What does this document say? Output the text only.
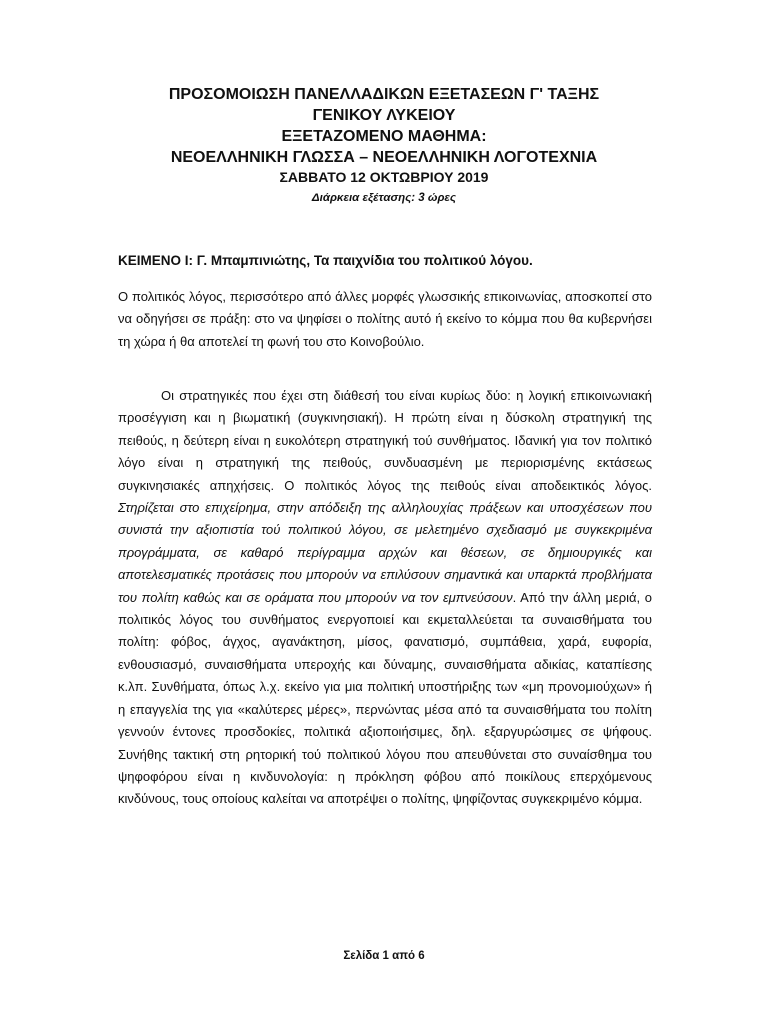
ΠΡΟΣΟΜΟΙΩΣΗ ΠΑΝΕΛΛΑΔΙΚΩΝ ΕΞΕΤΑΣΕΩΝ Γ' ΤΑΞΗΣ

ΓΕΝΙΚΟΥ ΛΥΚΕΙΟΥ

ΕΞΕΤΑΖΟΜΕΝΟ ΜΑΘΗΜΑ:

ΝΕΟΕΛΛΗΝΙΚΗ ΓΛΩΣΣΑ – ΝΕΟΕΛΛΗΝΙΚΗ ΛΟΓΟΤΕΧΝΙΑ

ΣΑΒΒΑΤΟ 12 ΟΚΤΩΒΡΙΟΥ 2019

Διάρκεια εξέτασης: 3 ώρες

ΚΕΙΜΕΝΟ Ι: Γ. Μπαμπινιώτης, Τα παιχνίδια του πολιτικού λόγου.

Ο πολιτικός λόγος, περισσότερο από άλλες μορφές γλωσσικής επικοινωνίας, αποσκοπεί στο να οδηγήσει σε πράξη: στο να ψηφίσει ο πολίτης αυτό ή εκείνο το κόμμα που θα κυβερνήσει τη χώρα ή θα αποτελεί τη φωνή του στο Κοινοβούλιο.

Οι στρατηγικές που έχει στη διάθεσή του είναι κυρίως δύο: η λογική επικοινωνιακή προσέγγιση και η βιωματική (συγκινησιακή). Η πρώτη είναι η δύσκολη στρατηγική της πειθούς, η δεύτερη είναι η ευκολότερη στρατηγική τού συνθήματος. Ιδανική για τον πολιτικό λόγο είναι η στρατηγική της πειθούς, συνδυασμένη με περιορισμένης εκτάσεως συγκινησιακές απηχήσεις. Ο πολιτικός λόγος της πειθούς είναι αποδεικτικός λόγος. Στηρίζεται στο επιχείρημα, στην απόδειξη της αλληλουχίας πράξεων και υποσχέσεων που συνιστά την αξιοπιστία τού πολιτικού λόγου, σε μελετημένο σχεδιασμό με συγκεκριμένα προγράμματα, σε καθαρό περίγραμμα αρχών και θέσεων, σε δημιουργικές και αποτελεσματικές προτάσεις που μπορούν να επιλύσουν σημαντικά και υπαρκτά προβλήματα του πολίτη καθώς και σε οράματα που μπορούν να τον εμπνεύσουν. Από την άλλη μεριά, ο πολιτικός λόγος του συνθήματος ενεργοποιεί και εκμεταλλεύεται τα συναισθήματα του πολίτη: φόβος, άγχος, αγανάκτηση, μίσος, φανατισμό, συμπάθεια, χαρά, ευφορία, ενθουσιασμό, συναισθήματα υπεροχής και δύναμης, συναισθήματα αδικίας, καταπίεσης κ.λπ. Συνθήματα, όπως λ.χ. εκείνο για μια πολιτική υποστήριξης των «μη προνομιούχων» ή η επαγγελία της για «καλύτερες μέρες», περνώντας μέσα από τα συναισθήματα του πολίτη γεννούν έντονες προσδοκίες, πολιτικά αξιοποιήσιμες, δηλ. εξαργυρώσιμες σε ψήφους. Συνήθης τακτική στη ρητορική τού πολιτικού λόγου που απευθύνεται στο συναίσθημα του ψηφοφόρου είναι η κινδυνολογία: η πρόκληση φόβου από ποικίλους επερχόμενους κινδύνους, τους οποίους καλείται να αποτρέψει ο πολίτης, ψηφίζοντας συγκεκριμένο κόμμα.

Σελίδα 1 από 6
